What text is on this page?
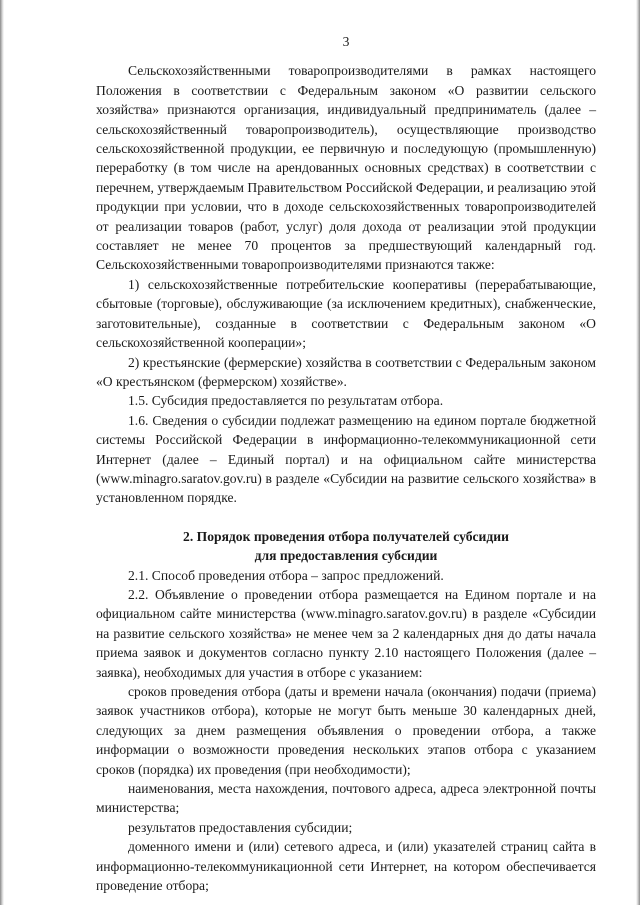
3

Сельскохозяйственными товаропроизводителями в рамках настоящего Положения в соответствии с Федеральным законом «О развитии сельского хозяйства» признаются организация, индивидуальный предприниматель (далее – сельскохозяйственный товаропроизводитель), осуществляющие производство сельскохозяйственной продукции, ее первичную и последующую (промышленную) переработку (в том числе на арендованных основных средствах) в соответствии с перечнем, утверждаемым Правительством Российской Федерации, и реализацию этой продукции при условии, что в доходе сельскохозяйственных товаропроизводителей от реализации товаров (работ, услуг) доля дохода от реализации этой продукции составляет не менее 70 процентов за предшествующий календарный год. Сельскохозяйственными товаропроизводителями признаются также:

1) сельскохозяйственные потребительские кооперативы (перерабатывающие, сбытовые (торговые), обслуживающие (за исключением кредитных), снабженческие, заготовительные), созданные в соответствии с Федеральным законом «О сельскохозяйственной кооперации»;

2) крестьянские (фермерские) хозяйства в соответствии с Федеральным законом «О крестьянском (фермерском) хозяйстве».

1.5. Субсидия предоставляется по результатам отбора.

1.6. Сведения о субсидии подлежат размещению на едином портале бюджетной системы Российской Федерации в информационно-телекоммуникационной сети Интернет (далее – Единый портал) и на официальном сайте министерства (www.minagro.saratov.gov.ru) в разделе «Субсидии на развитие сельского хозяйства» в установленном порядке.

2. Порядок проведения отбора получателей субсидии
для предоставления субсидии

2.1. Способ проведения отбора – запрос предложений.

2.2. Объявление о проведении отбора размещается на Едином портале и на официальном сайте министерства (www.minagro.saratov.gov.ru) в разделе «Субсидии на развитие сельского хозяйства» не менее чем за 2 календарных дня до даты начала приема заявок и документов согласно пункту 2.10 настоящего Положения (далее – заявка), необходимых для участия в отборе с указанием:

сроков проведения отбора (даты и времени начала (окончания) подачи (приема) заявок участников отбора), которые не могут быть меньше 30 календарных дней, следующих за днем размещения объявления о проведении отбора, а также информации о возможности проведения нескольких этапов отбора с указанием сроков (порядка) их проведения (при необходимости);

наименования, места нахождения, почтового адреса, адреса электронной почты министерства;

результатов предоставления субсидии;

доменного имени и (или) сетевого адреса, и (или) указателей страниц сайта в информационно-телекоммуникационной сети Интернет, на котором обеспечивается проведение отбора;
